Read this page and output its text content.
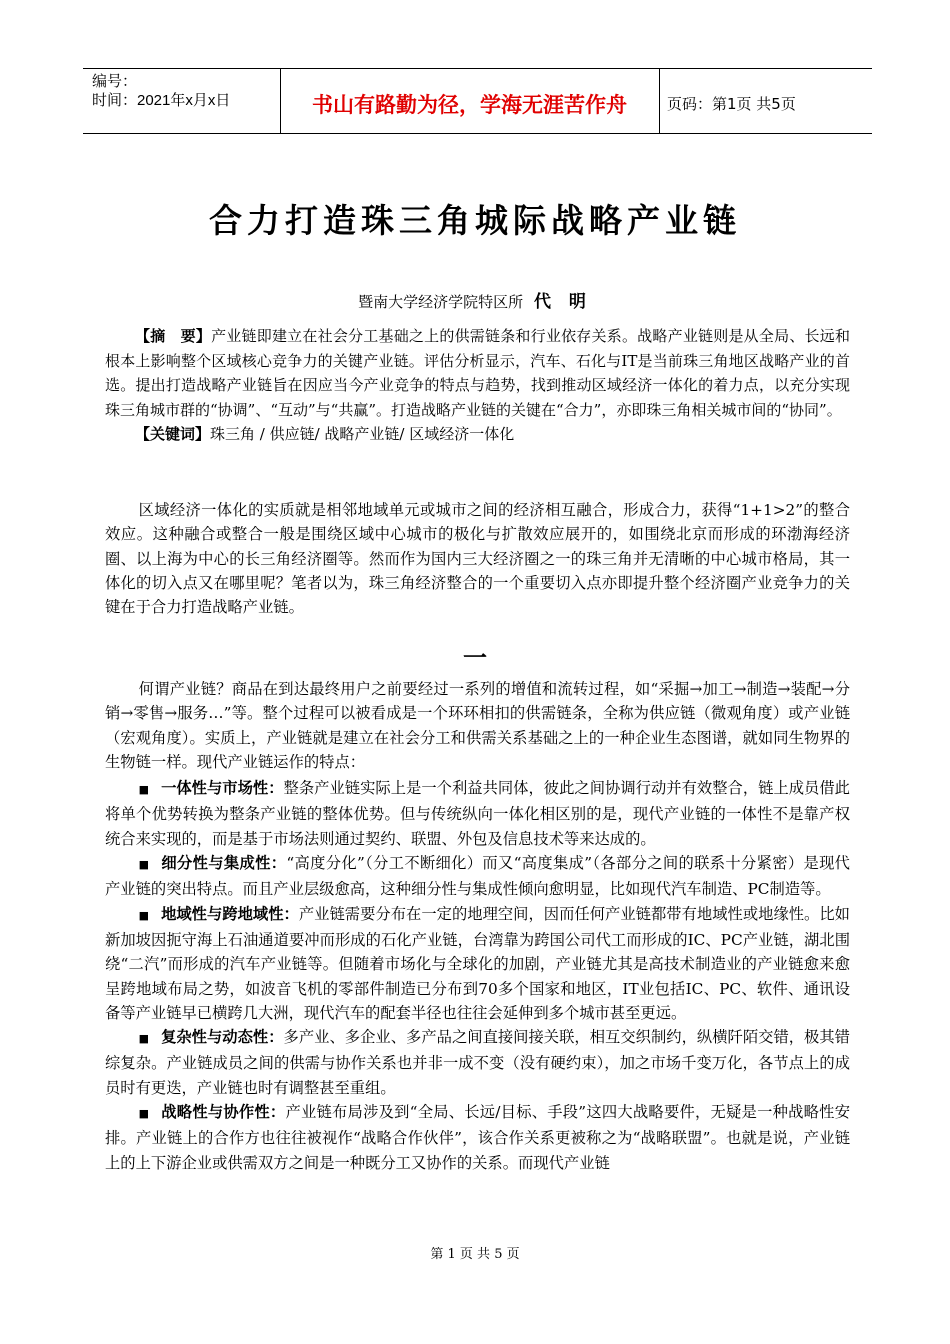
编号：
时间：2021年x月x日	书山有路勤为径，学海无涯苦作舟	页码：第1页 共5页
合力打造珠三角城际战略产业链
暨南大学经济学院特区所 代 明

【摘　要】产业链即建立在社会分工基础之上的供需链条和行业依存关系。战略产业链则是从全局、长远和根本上影响整个区域核心竞争力的关键产业链。评估分析显示，汽车、石化与IT是当前珠三角地区战略产业的首选。提出打造战略产业链旨在因应当今产业竞争的特点与趋势，找到推动区域经济一体化的着力点，以充分实现珠三角城市群的“协调”、“互动”与“共赢”。打造战略产业链的关键在“合力”，亦即珠三角相关城市间的“协同”。

【关键词】珠三角 / 供应链/ 战略产业链/ 区域经济一体化

区域经济一体化的实质就是相邻地域单元或城市之间的经济相互融合，形成合力，获得“1+1>2”的整合效应。这种融合或整合一般是围绕区域中心城市的极化与扩散效应展开的，如围绕北京而形成的环渤海经济圈、以上海为中心的长三角经济圈等。然而作为国内三大经济圈之一的珠三角并无清晰的中心城市格局，其一体化的切入点又在哪里呢？笔者以为，珠三角经济整合的一个重要切入点亦即提升整个经济圈产业竞争力的关键在于合力打造战略产业链。

一

何谓产业链？商品在到达最终用户之前要经过一系列的增值和流转过程，如“采掘→加工→制造→装配→分销→零售→服务…”等。整个过程可以被看成是一个环环相扣的供需链条，全称为供应链（微观角度）或产业链（宏观角度）。实质上，产业链就是建立在社会分工和供需关系基础之上的一种企业生态图谱，就如同生物界的生物链一样。现代产业链运作的特点：

■ 一体性与市场性：整条产业链实际上是一个利益共同体，彼此之间协调行动并有效整合，链上成员借此将单个优势转换为整条产业链的整体优势。但与传统纵向一体化相区别的是，现代产业链的一体性不是靠产权统合来实现的，而是基于市场法则通过契约、联盟、外包及信息技术等来达成的。

■ 细分性与集成性：“高度分化”（分工不断细化）而又“高度集成”（各部分之间的联系十分紧密）是现代产业链的突出特点。而且产业层级愈高，这种细分性与集成性倾向愈明显，比如现代汽车制造、PC制造等。

■ 地域性与跨地域性：产业链需要分布在一定的地理空间，因而任何产业链都带有地域性或地缘性。比如新加坡因扼守海上石油通道要冲而形成的石化产业链，台湾靠为跨国公司代工而形成的IC、PC产业链，湖北围绕“二汽”而形成的汽车产业链等。但随着市场化与全球化的加剧，产业链尤其是高技术制造业的产业链愈来愈呈跨地域布局之势，如波音飞机的零部件制造已分布到70多个国家和地区，IT业包括IC、PC、软件、通讯设备等产业链早已横跨几大洲，现代汽车的配套半径也往往会延伸到多个城市甚至更远。

■ 复杂性与动态性：多产业、多企业、多产品之间直接间接关联，相互交织制约，纵横阡陌交错，极其错综复杂。产业链成员之间的供需与协作关系也并非一成不变（没有硬约束），加之市场千变万化，各节点上的成员时有更迭，产业链也时有调整甚至重组。

■ 战略性与协作性：产业链布局涉及到“全局、长远/目标、手段”这四大战略要件，无疑是一种战略性安排。产业链上的合作方也往往被视作“战略合作伙伴”，该合作关系更被称之为“战略联盟”。也就是说，产业链上的上下游企业或供需双方之间是一种既分工又协作的关系。而现代产业链

第 1 页 共 5 页
